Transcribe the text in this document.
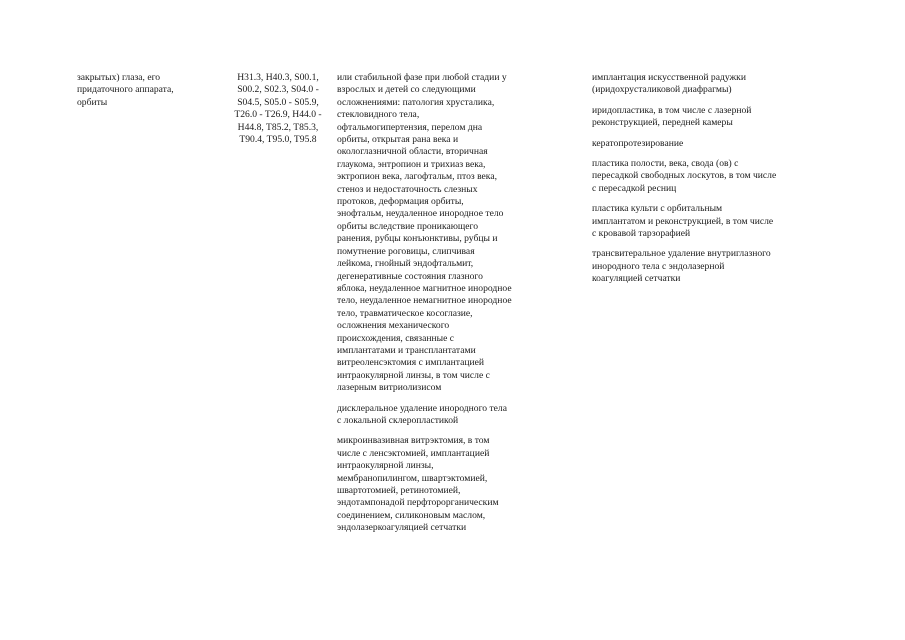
закрытых) глаза, его придаточного аппарата, орбиты

H31.3, H40.3, S00.1, S00.2, S02.3, S04.0 - S04.5, S05.0 - S05.9, T26.0 - T26.9, H44.0 - H44.8, T85.2, T85.3, T90.4, T95.0, T95.8

или стабильной фазе при любой стадии у взрослых и детей со следующими осложнениями: патология хрусталика, стекловидного тела, офтальмогипертензия, перелом дна орбиты, открытая рана века и окологлазничной области, вторичная глаукома, энтропион и трихиаз века, эктропион века, лагофтальм, птоз века, стеноз и недостаточность слезных протоков, деформация орбиты, энофтальм, неудаленное инородное тело орбиты вследствие проникающего ранения, рубцы конъюнктивы, рубцы и помутнение роговицы, слипчивая лейкома, гнойный эндофтальмит, дегенеративные состояния глазного яблока, неудаленное магнитное инородное тело, неудаленное немагнитное инородное тело, травматическое косоглазие, осложнения механического происхождения, связанные с имплантатами и трансплантатами витреоленсэктомия с имплантацией интраокулярной линзы, в том числе с лазерным витриолизисом

дисклеральное удаление инородного тела с локальной склеропластикой

микроинвазивная витрэктомия, в том числе с ленсэктомией, имплантацией интраокулярной линзы, мембранопилингом, швартэктомией, швартотомией, ретинотомией, эндотампонадой перфторорганическим соединением, силиконовым маслом, эндолазеркоагуляцией сетчатки

имплантация искусственной радужки (иридохрусталиковой диафрагмы)

иридопластика, в том числе с лазерной реконструкцией, передней камеры

кератопротезирование

пластика полости, века, свода (ов) с пересадкой свободных лоскутов, в том числе с пересадкой ресниц

пластика культи с орбитальным имплантатом и реконструкцией, в том числе с кровавой тарзорафией

трансвитеральное удаление внутриглазного инородного тела с эндолазерной коагуляцией сетчатки
